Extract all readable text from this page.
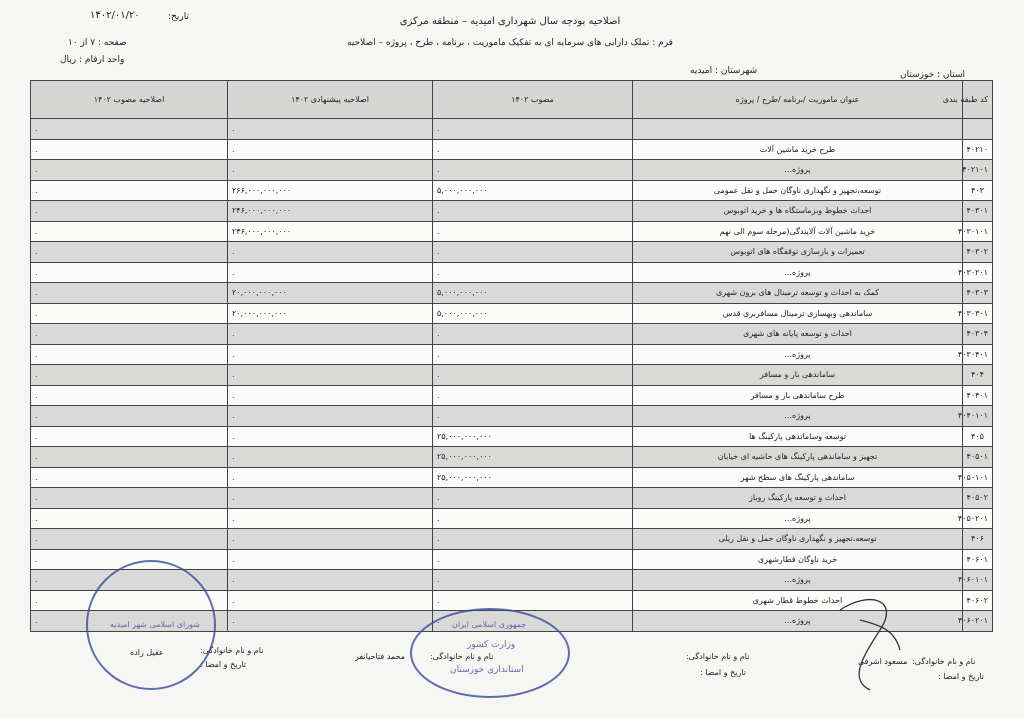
اصلاحیه بودجه سال شهرداری امیدیه – منطقه مرکزی
فرم : تملک دارایی های سرمایه ای به تفکیک ماموریت ، برنامه ، طرح ، پروژه – اصلاحیه
تاریخ:
۱۴۰۲/۰۱/۲۰
صفحه : ۷ از ۱۰
واحد ارقام : ریال
استان : خوزستان
شهرستان : امیدیه
کد طبقه بندی	عنوان ماموریت /برنامه /طرح / پروژه	مصوب ۱۴۰۲	اصلاحیه پیشنهادی ۱۴۰۲	اصلاحیه مصوب ۱۴۰۲
		.	.	.
۴۰۲۱۰	طرح خرید ماشین آلات	.	.	.
۴۰۲۱۰۱	پروژه...	.	.	.
۴۰۳	توسعه،تجهیز و نگهداری ناوگان حمل و نقل عمومی	۵,۰۰۰,۰۰۰,۰۰۰	۲۶۶,۰۰۰,۰۰۰,۰۰۰	.
۴۰۳۰۱	احداث خطوط وبزماستگاه ها و خرید اتوبوس	.	۲۴۶,۰۰۰,۰۰۰,۰۰۰	.
۴۰۳۰۱۰۱	خرید ماشین آلات آلایندگی(مرحله سوم الی نهم	.	۲۴۶,۰۰۰,۰۰۰,۰۰۰	.
۴۰۳۰۲	تعمیرات و بازسازی توقفگاه های اتوبوس	.	.	.
۴۰۳۰۲۰۱	پروژه...	.	.	.
۴۰۳۰۳	کمک به احداث و توسعه ترمینال های برون شهری	۵,۰۰۰,۰۰۰,۰۰۰	۲۰,۰۰۰,۰۰۰,۰۰۰	.
۴۰۳۰۳۰۱	ساماندهی وبهسازی ترمینال مسافربری قدس	۵,۰۰۰,۰۰۰,۰۰۰	۲۰,۰۰۰,۰۰۰,۰۰۰	.
۴۰۳۰۴	احداث و توسعه پایانه های شهری	.	.	.
۴۰۳۰۴۰۱	پروژه...	.	.	.
۴۰۴	ساماندهی بار و مسافر	.	.	.
۴۰۴۰۱	طرح ساماندهی بار و مسافر	.	.	.
۴۰۴۰۱۰۱	پروژه...	.	.	.
۴۰۵	توسعه وساماندهی پارکینگ ها	۲۵,۰۰۰,۰۰۰,۰۰۰	.	.
۴۰۵۰۱	تجهیز و ساماندهی پارکینگ های حاشیه ای خیابان	۲۵,۰۰۰,۰۰۰,۰۰۰	.	.
۴۰۵۰۱۰۱	ساماندهی پارکینگ های سطح شهر	۲۵,۰۰۰,۰۰۰,۰۰۰	.	.
۴۰۵۰۲	احداث و توسعه پارکینگ روباز	.	.	.
۴۰۵۰۲۰۱	پروژه...	.	.	.
۴۰۶	توسعه،تجهیز و نگهداری ناوگان حمل و نقل ریلی	.	.	.
۴۰۶۰۱	خرید ناوگان قطارشهری	.	.	.
۴۰۶۰۱۰۱	پروژه...	.	.	.
۴۰۶۰۲	احداث خطوط قطار شهری	.	.	.
۴۰۶۰۲۰۱	پروژه...	.	.	.
نام و نام خانوادگی:
مسعود اشرفی
تاریخ و امضا :
نام و نام خانوادگی:
تاریخ و امضا :
نام و نام خانوادگی:
محمد فتاحیانفر
نام و نام خانوادگی:
عقیل زاده
تاریخ و امضا :
جمهوری اسلامی ایران
وزارت کشور
استانداری خوزستان
شورای اسلامی شهر امیدیه
